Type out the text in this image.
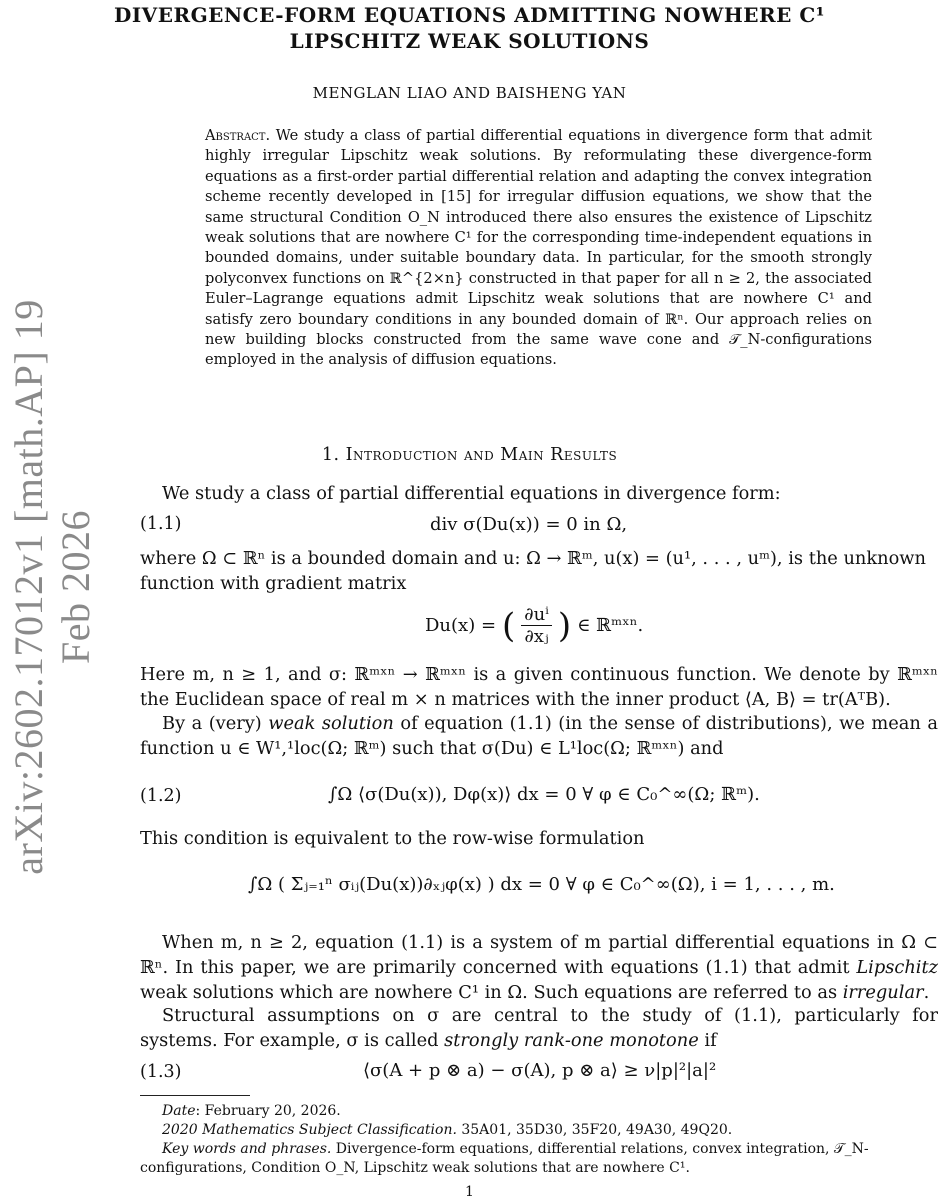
arXiv:2602.17012v1 [math.AP] 19 Feb 2026
DIVERGENCE-FORM EQUATIONS ADMITTING NOWHERE C¹
LIPSCHITZ WEAK SOLUTIONS
MENGLAN LIAO AND BAISHENG YAN

Abstract. We study a class of partial differential equations in divergence form that admit highly irregular Lipschitz weak solutions. By reformulating these divergence-form equations as a first-order partial differential relation and adapting the convex integration scheme recently developed in [15] for irregular diffusion equations, we show that the same structural Condition O_N introduced there also ensures the existence of Lipschitz weak solutions that are nowhere C¹ for the corresponding time-independent equations in bounded domains, under suitable boundary data. In particular, for the smooth strongly polyconvex functions on ℝ^{2×n} constructed in that paper for all n ≥ 2, the associated Euler–Lagrange equations admit Lipschitz weak solutions that are nowhere C¹ and satisfy zero boundary conditions in any bounded domain of ℝⁿ. Our approach relies on new building blocks constructed from the same wave cone and 𝒯_N-configurations employed in the analysis of diffusion equations.

1. Introduction and Main Results

We study a class of partial differential equations in divergence form:

(1.1)	div σ(Du(x)) = 0 in Ω,

where Ω ⊂ ℝⁿ is a bounded domain and u: Ω → ℝᵐ, u(x) = (u¹, . . . , uᵐ), is the unknown

function with gradient matrix

Du(x) = ( $\frac{\text{∂uⁱ}}{\text{∂xⱼ}}$ ) ∈ ℝᵐˣⁿ.

Here m, n ≥ 1, and σ: ℝᵐˣⁿ → ℝᵐˣⁿ is a given continuous function. We denote by ℝᵐˣⁿ the Euclidean space of real m × n matrices with the inner product ⟨A, B⟩ = tr(AᵀB).

By a (very) weak solution of equation (1.1) (in the sense of distributions), we mean a function u ∈ W¹,¹loc(Ω; ℝᵐ) such that σ(Du) ∈ L¹loc(Ω; ℝᵐˣⁿ) and

(1.2)	∫Ω ⟨σ(Du(x)), Dφ(x)⟩ dx = 0 ∀ φ ∈ C₀^∞(Ω; ℝᵐ).

This condition is equivalent to the row-wise formulation

∫Ω ( Σⱼ₌₁ⁿ σᵢⱼ(Du(x))∂ₓⱼφ(x) ) dx = 0 ∀ φ ∈ C₀^∞(Ω), i = 1, . . . , m.

When m, n ≥ 2, equation (1.1) is a system of m partial differential equations in Ω ⊂ ℝⁿ. In this paper, we are primarily concerned with equations (1.1) that admit Lipschitz weak solutions which are nowhere C¹ in Ω. Such equations are referred to as irregular.

Structural assumptions on σ are central to the study of (1.1), particularly for systems. For example, σ is called strongly rank-one monotone if

(1.3)	⟨σ(A + p ⊗ a) − σ(A), p ⊗ a⟩ ≥ ν|p|²|a|²

Date: February 20, 2026.

2020 Mathematics Subject Classification. 35A01, 35D30, 35F20, 49A30, 49Q20.

Key words and phrases. Divergence-form equations, differential relations, convex integration, 𝒯_N-configurations, Condition O_N, Lipschitz weak solutions that are nowhere C¹.

1
